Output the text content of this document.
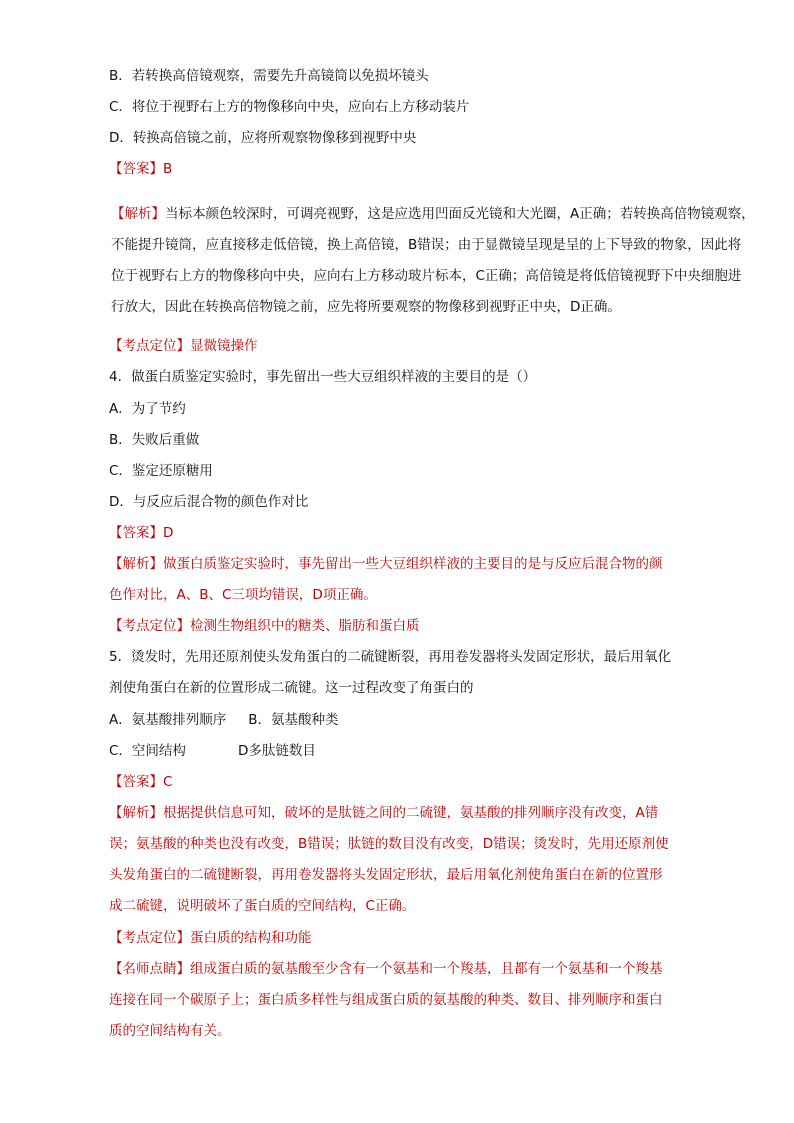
B．若转换高倍镜观察，需要先升高镜筒以免损坏镜头
C．将位于视野右上方的物像移向中央，应向右上方移动装片
D．转换高倍镜之前，应将所观察物像移到视野中央
【答案】B
【解析】当标本颜色较深时，可调亮视野，这是应选用凹面反光镜和大光圈，A正确；若转换高倍物镜观察，
不能提升镜筒，应直接移走低倍镜，换上高倍镜，B错误；由于显微镜呈现是呈的上下导致的物象，因此将
位于视野右上方的物像移向中央，应向右上方移动玻片标本，C正确；高倍镜是将低倍镜视野下中央细胞进
行放大，因此在转换高倍物镜之前，应先将所要观察的物像移到视野正中央，D正确。
【考点定位】显微镜操作
4．做蛋白质鉴定实验时，事先留出一些大豆组织样液的主要目的是（）
A．为了节约
B．失败后重做
C．鉴定还原糖用
D．与反应后混合物的颜色作对比
【答案】D
【解析】做蛋白质鉴定实验时，事先留出一些大豆组织样液的主要目的是与反应后混合物的颜
色作对比，A、B、C三项均错误，D项正确。
【考点定位】检测生物组织中的糖类、脂肪和蛋白质
5．烫发时，先用还原剂使头发角蛋白的二硫键断裂，再用卷发器将头发固定形状，最后用氧化
剂使角蛋白在新的位置形成二硫键。这一过程改变了角蛋白的
A．氨基酸排列顺序 B．氨基酸种类
C．空间结构	D多肽链数目
【答案】C
【解析】根据提供信息可知，破坏的是肽链之间的二硫键，氨基酸的排列顺序没有改变，A错
误；氨基酸的种类也没有改变，B错误；肽链的数目没有改变，D错误；烫发时，先用还原剂使
头发角蛋白的二硫键断裂，再用卷发器将头发固定形状，最后用氧化剂使角蛋白在新的位置形
成二硫键，说明破坏了蛋白质的空间结构，C正确。
【考点定位】蛋白质的结构和功能
【名师点睛】组成蛋白质的氨基酸至少含有一个氨基和一个羧基，且都有一个氨基和一个羧基
连接在同一个碳原子上；蛋白质多样性与组成蛋白质的氨基酸的种类、数目、排列顺序和蛋白
质的空间结构有关。
